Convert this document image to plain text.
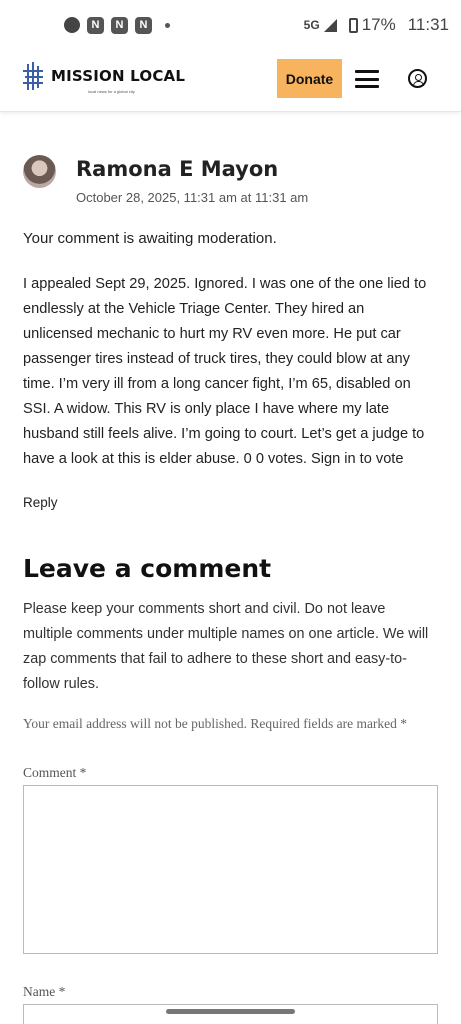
N	N	N	5G 17% 11:31
MISSION LOCAL
local news for a global city
Donate
Ramona E Mayon
October 28, 2025, 11:31 am at 11:31 am
Your comment is awaiting moderation.
I appealed Sept 29, 2025. Ignored. I was one of the one lied to endlessly at the Vehicle Triage Center. They hired an unlicensed mechanic to hurt my RV even more. He put car passenger tires instead of truck tires, they could blow at any time. I’m very ill from a long cancer fight, I’m 65, disabled on SSI. A widow. This RV is only place I have where my late husband still feels alive. I’m going to court. Let’s get a judge to have a look at this is elder abuse. 0 0 votes. Sign in to vote
Reply
Leave a comment

Please keep your comments short and civil. Do not leave multiple comments under multiple names on one article. We will zap comments that fail to adhere to these short and easy-to-follow rules.

Your email address will not be published. Required fields are marked *

Comment *
Name *
